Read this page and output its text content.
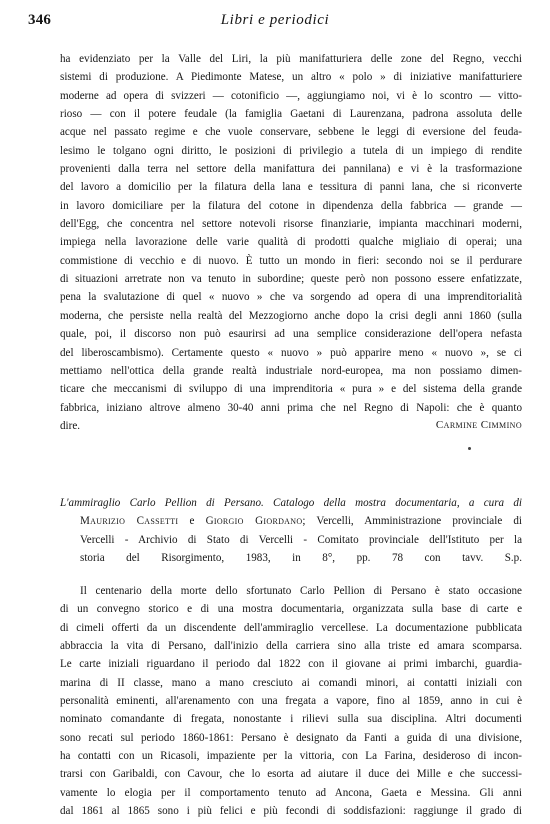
346	Libri e periodici
ha evidenziato per la Valle del Liri, la più manifatturiera delle zone del Regno, vecchi
sistemi di produzione. A Piedimonte Matese, un altro « polo » di iniziative manifatturiere
moderne ad opera di svizzeri — cotonificio —, aggiungiamo noi, vi è lo scontro — vitto-
rioso — con il potere feudale (la famiglia Gaetani di Laurenzana, padrona assoluta delle
acque nel passato regime e che vuole conservare, sebbene le leggi di eversione del feuda-
lesimo le tolgano ogni diritto, le posizioni di privilegio a tutela di un impiego di rendite
provenienti dalla terra nel settore della manifattura dei pannilana) e vi è la trasformazione
del lavoro a domicilio per la filatura della lana e tessitura di panni lana, che si riconverte
in lavoro domiciliare per la filatura del cotone in dipendenza della fabbrica — grande —
dell'Egg, che concentra nel settore notevoli risorse finanziarie, impianta macchinari moderni,
impiega nella lavorazione delle varie qualità di prodotti qualche migliaio di operai; una
commistione di vecchio e di nuovo. È tutto un mondo in fieri: secondo noi se il perdurare
di situazioni arretrate non va tenuto in subordine; queste però non possono essere enfatizzate,
pena la svalutazione di quel « nuovo » che va sorgendo ad opera di una imprenditorialità
moderna, che persiste nella realtà del Mezzogiorno anche dopo la crisi degli anni 1860 (sulla
quale, poi, il discorso non può esaurirsi ad una semplice considerazione dell'opera nefasta
del liberoscambismo). Certamente questo « nuovo » può apparire meno « nuovo », se ci
mettiamo nell'ottica della grande realtà industriale nord-europea, ma non possiamo dimen-
ticare che meccanismi di sviluppo di una imprenditoria « pura » e del sistema della grande
fabbrica, iniziano altrove almeno 30-40 anni prima che nel Regno di Napoli: che è quanto
dire.	Carmine Cimmino
L'ammiraglio Carlo Pellion di Persano. Catalogo della mostra documentaria, a cura di
Maurizio Cassetti e Giorgio Giordano; Vercelli, Amministrazione provinciale di
Vercelli - Archivio di Stato di Vercelli - Comitato provinciale dell'Istituto per la
storia del Risorgimento, 1983, in 8°, pp. 78 con tavv. S.p.
Il centenario della morte dello sfortunato Carlo Pellion di Persano è stato occasione
di un convegno storico e di una mostra documentaria, organizzata sulla base di carte e
di cimeli offerti da un discendente dell'ammiraglio vercellese. La documentazione pubblicata
abbraccia la vita di Persano, dall'inizio della carriera sino alla triste ed amara scomparsa.
Le carte iniziali riguardano il periodo dal 1822 con il giovane ai primi imbarchi, guardia-
marina di II classe, mano a mano cresciuto ai comandi minori, ai contatti iniziali con
personalità eminenti, all'arenamento con una fregata a vapore, fino al 1859, anno in cui è
nominato comandante di fregata, nonostante i rilievi sulla sua disciplina. Altri documenti
sono recati sul periodo 1860-1861: Persano è designato da Fanti a guida di una divisione,
ha contatti con un Ricasoli, impaziente per la vittoria, con La Farina, desideroso di incon-
trarsi con Garibaldi, con Cavour, che lo esorta ad aiutare il duce dei Mille e che successi-
vamente lo elogia per il comportamento tenuto ad Ancona, Gaeta e Messina. Gli anni
dal 1861 al 1865 sono i più felici e più fecondi di soddisfazioni: raggiunge il grado di
